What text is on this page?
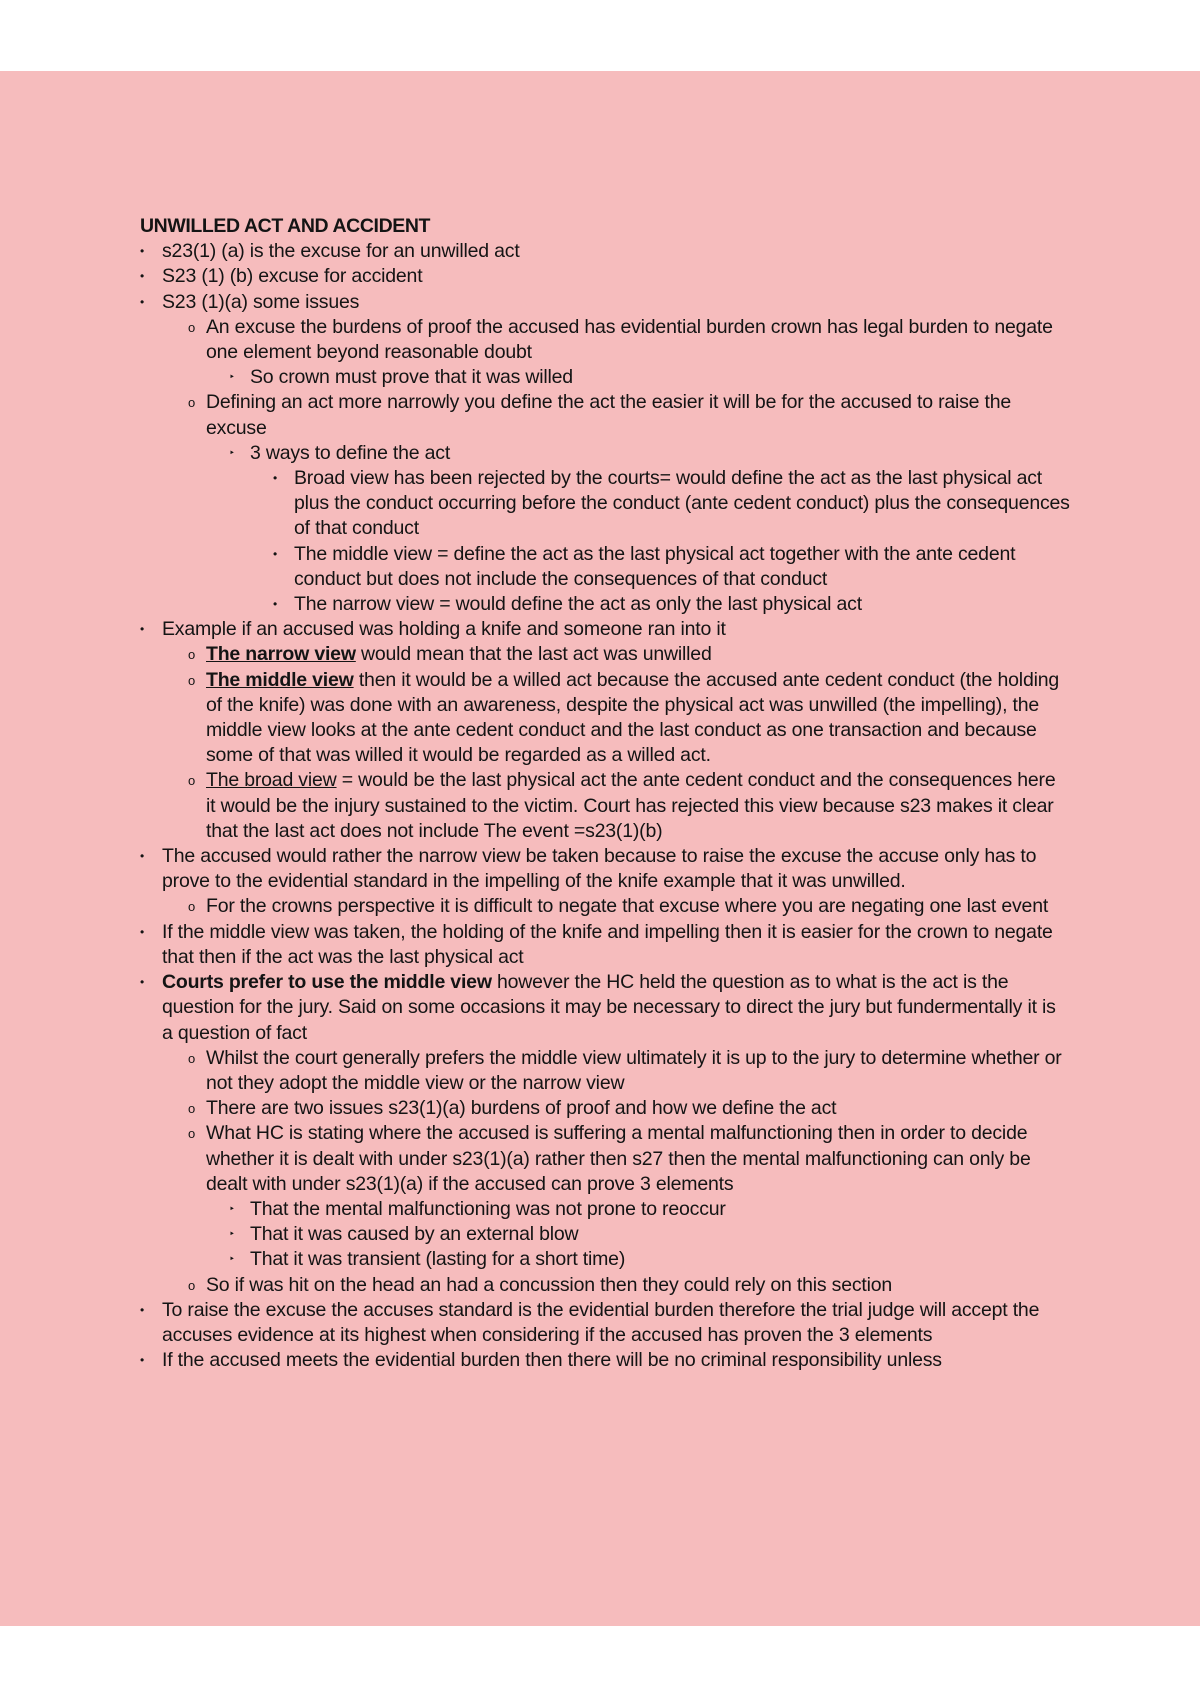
UNWILLED ACT AND ACCIDENT
• s23(1) (a) is the excuse for an unwilled act
• S23 (1) (b) excuse for accident
• S23 (1)(a) some issues
o An excuse the burdens of proof the accused has evidential burden crown has legal burden to negate one element beyond reasonable doubt
‣ So crown must prove that it was willed
o Defining an act more narrowly you define the act the easier it will be for the accused to raise the excuse
‣ 3 ways to define the act
• Broad view has been rejected by the courts= would define the act as the last physical act plus the conduct occurring before the conduct (ante cedent conduct) plus the consequences of that conduct
• The middle view = define the act as the last physical act together with the ante cedent conduct but does not include the consequences of that conduct
• The narrow view = would define the act as only the last physical act
• Example if an accused was holding a knife and someone ran into it
o The narrow view would mean that the last act was unwilled
o The middle view then it would be a willed act because the accused ante cedent conduct (the holding of the knife) was done with an awareness, despite the physical act was unwilled (the impelling), the middle view looks at the ante cedent conduct and the last conduct as one transaction and because some of that was willed it would be regarded as a willed act.
o The broad view = would be the last physical act the ante cedent conduct and the consequences here it would be the injury sustained to the victim. Court has rejected this view because s23 makes it clear that the last act does not include The event =s23(1)(b)
• The accused would rather the narrow view be taken because to raise the excuse the accuse only has to prove to the evidential standard in the impelling of the knife example that it was unwilled.
o For the crowns perspective it is difficult to negate that excuse where you are negating one last event
• If the middle view was taken, the holding of the knife and impelling then it is easier for the crown to negate that then if the act was the last physical act
• Courts prefer to use the middle view however the HC held the question as to what is the act is the question for the jury. Said on some occasions it may be necessary to direct the jury but fundermentally it is a question of fact
o Whilst the court generally prefers the middle view ultimately it is up to the jury to determine whether or not they adopt the middle view or the narrow view
o There are two issues s23(1)(a) burdens of proof and how we define the act
o What HC is stating where the accused is suffering a mental malfunctioning then in order to decide whether it is dealt with under s23(1)(a) rather then s27 then the mental malfunctioning can only be dealt with under s23(1)(a) if the accused can prove 3 elements
‣ That the mental malfunctioning was not prone to reoccur
‣ That it was caused by an external blow
‣ That it was transient (lasting for a short time)
o So if was hit on the head an had a concussion then they could rely on this section
• To raise the excuse the accuses standard is the evidential burden therefore the trial judge will accept the accuses evidence at its highest when considering if the accused has proven the 3 elements
• If the accused meets the evidential burden then there will be no criminal responsibility unless
